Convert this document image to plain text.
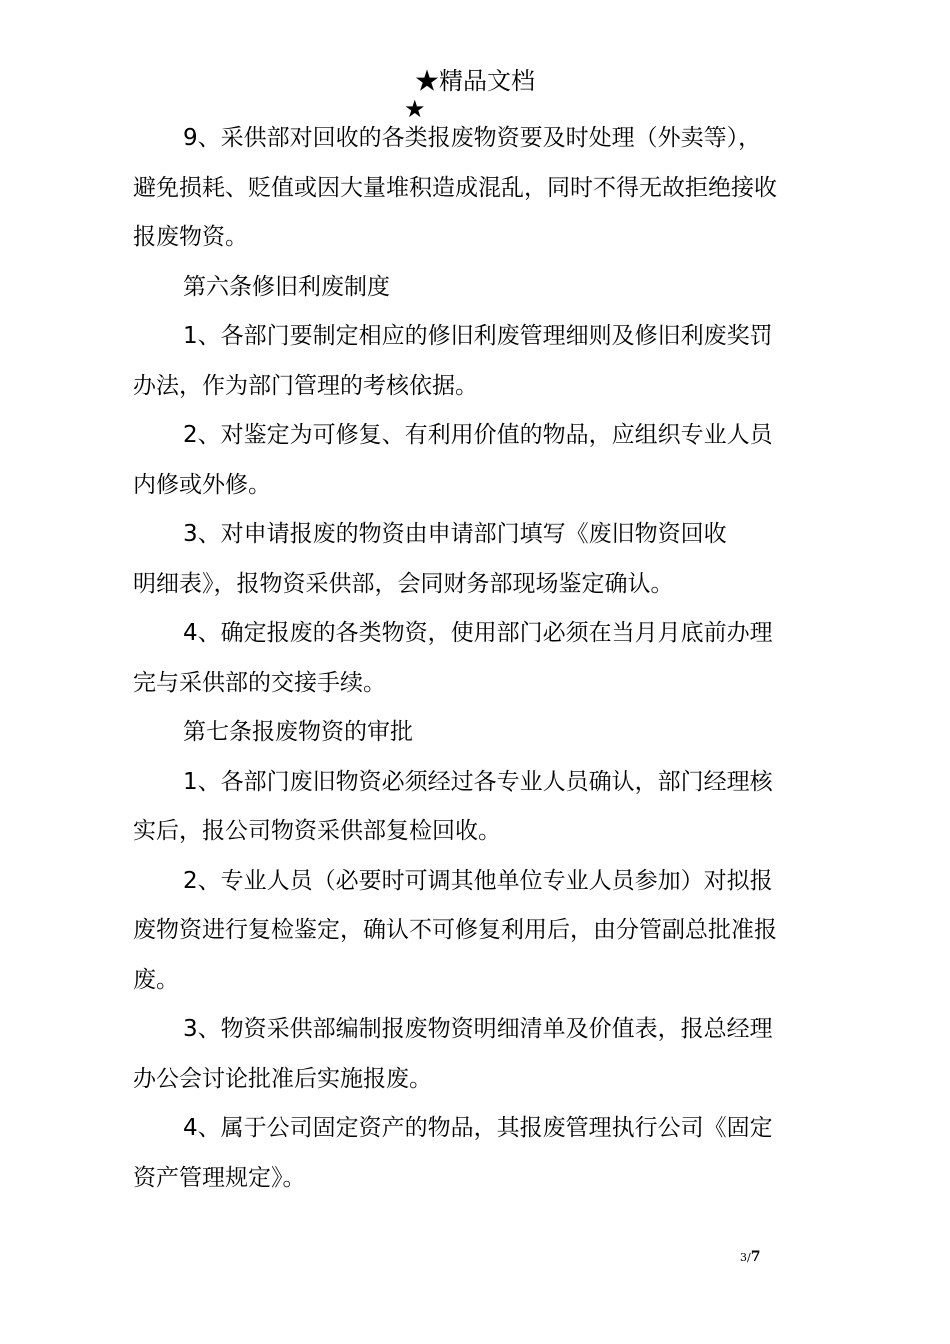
★精品文档
★

9、采供部对回收的各类报废物资要及时处理（外卖等），

避免损耗、贬值或因大量堆积造成混乱，同时不得无故拒绝接收

报废物资。

第六条修旧利废制度

1、各部门要制定相应的修旧利废管理细则及修旧利废奖罚

办法，作为部门管理的考核依据。

2、对鉴定为可修复、有利用价值的物品，应组织专业人员

内修或外修。

3、对申请报废的物资由申请部门填写《废旧物资回收

明细表》，报物资采供部，会同财务部现场鉴定确认。

4、确定报废的各类物资，使用部门必须在当月月底前办理

完与采供部的交接手续。

第七条报废物资的审批

1、各部门废旧物资必须经过各专业人员确认，部门经理核

实后，报公司物资采供部复检回收。

2、专业人员（必要时可调其他单位专业人员参加）对拟报

废物资进行复检鉴定，确认不可修复利用后，由分管副总批准报

废。

3、物资采供部编制报废物资明细清单及价值表，报总经理

办公会讨论批准后实施报废。

4、属于公司固定资产的物品，其报废管理执行公司《固定

资产管理规定》。

3/7
